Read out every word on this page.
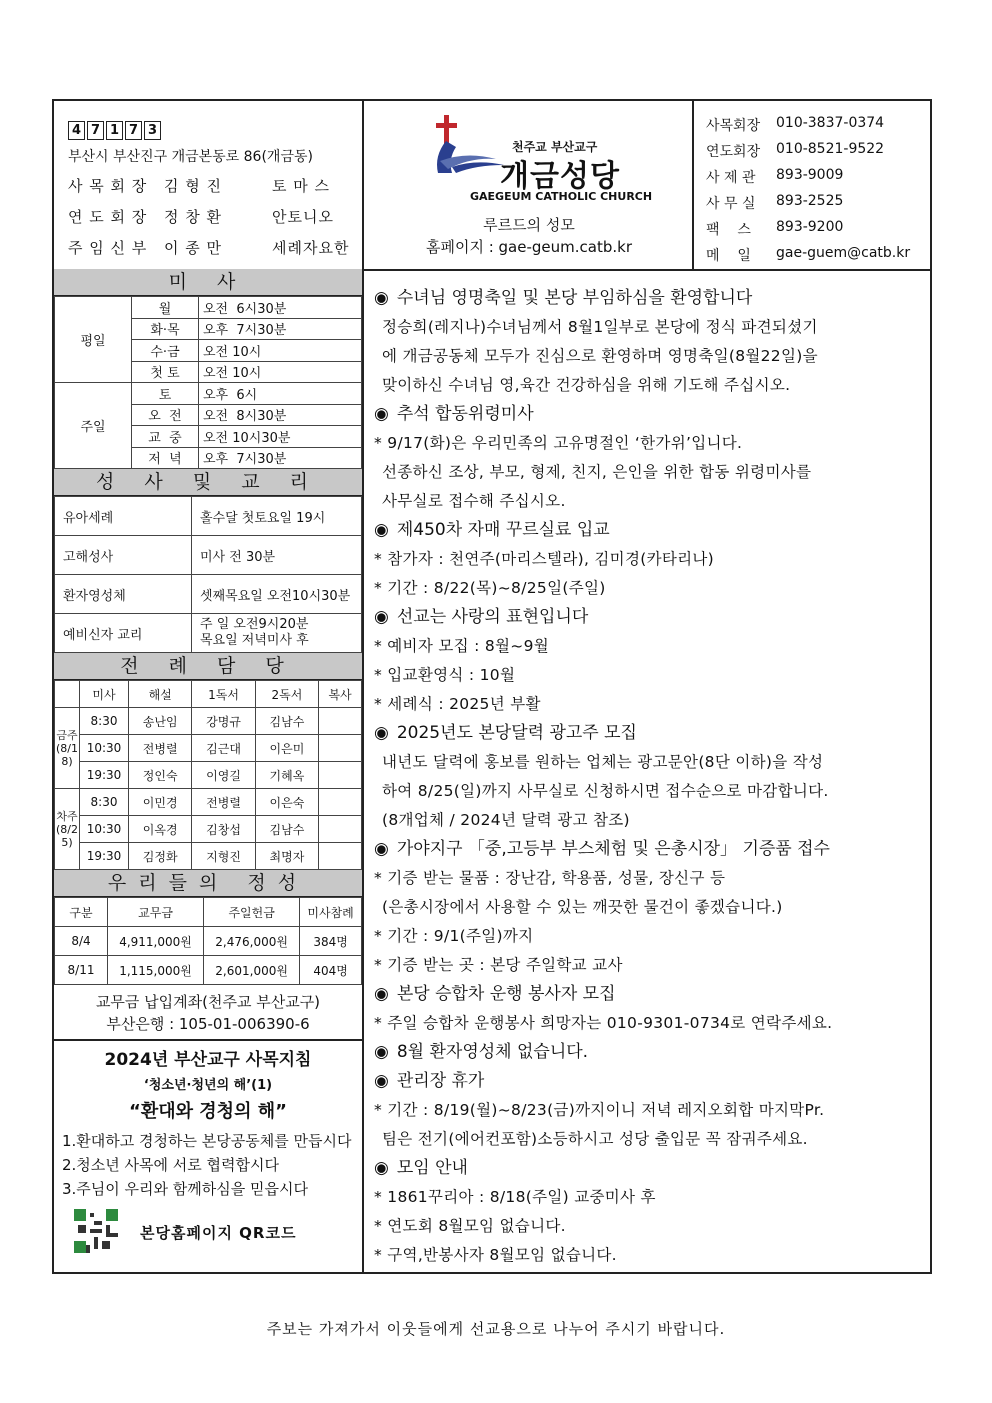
4 7 1 7 3
부산시 부산진구 개금본동로 86(개금동)
사 목 회 장	김 형 진	토 마 스
연 도 회 장	정 창 환	안토니오
주 임 신 부	이 종 만	세례자요한
천주교 부산교구
개금성당
GAEGEUM CATHOLIC CHURCH
루르드의 성모
홈페이지 : gae-geum.catb.kr
사목회장	010-3837-0374
연도회장	010-8521-9522
사 제 관	893-9009
사 무 실	893-2525
팩    스	893-9200
메    일	gae-guem@catb.kr
미 사
평일	월	오전  6시30분
	화·목	오후  7시30분
	수·금	오전 10시
	첫 토	오전 10시
주일	토	오후  6시
	오  전	오전  8시30분
	교  중	오전 10시30분
	저  녁	오후  7시30분
성 사 및 교 리
유아세례	홀수달 첫토요일 19시
고해성사	미사 전 30분
환자영성체	셋째목요일 오전10시30분
예비신자 교리	주 일 오전9시20분
목요일 저녁미사 후
전 례 담 당
	미사	해설	1독서	2독서	복사
금주(8/18)	8:30	송난임	강명규	김남수	
	10:30	전병렬	김근대	이은미	
	19:30	정인숙	이영길	기혜옥	
차주(8/25)	8:30	이민경	전병렬	이은숙	
	10:30	이옥경	김창섭	김남수	
	19:30	김정화	지형진	최명자	
우리들의 정성
구분	교무금	주일헌금	미사참례
8/4	4,911,000원	2,476,000원	384명
8/11	1,115,000원	2,601,000원	404명
교무금 납입계좌(천주교 부산교구)
부산은행 : 105-01-006390-6
2024년 부산교구 사목지침
‘청소년·청년의 해’(1)
“환대와 경청의 해”
1.환대하고 경청하는 본당공동체를 만듭시다
2.청소년 사목에 서로 협력합시다
3.주님이 우리와 함께하심을 믿읍시다
본당홈페이지 QR코드
◉ 수녀님 영명축일 및 본당 부임하심을 환영합니다
정승희(레지나)수녀님께서 8월1일부로 본당에 정식 파견되셨기
에 개금공동체 모두가 진심으로 환영하며 영명축일(8월22일)을
맞이하신 수녀님 영,육간 건강하심을 위해 기도해 주십시오.
◉ 추석 합동위령미사
* 9/17(화)은 우리민족의 고유명절인 ‘한가위’입니다.
선종하신 조상, 부모, 형제, 친지, 은인을 위한 합동 위령미사를
사무실로 접수해 주십시오.
◉ 제450차 자매 꾸르실료 입교
* 참가자 : 천연주(마리스텔라), 김미경(카타리나)
* 기간 : 8/22(목)~8/25일(주일)
◉ 선교는 사랑의 표현입니다
* 예비자 모집 : 8월~9월
* 입교환영식 : 10월
* 세례식 : 2025년 부활
◉ 2025년도 본당달력 광고주 모집
내년도 달력에 홍보를 원하는 업체는 광고문안(8단 이하)을 작성
하여 8/25(일)까지 사무실로 신청하시면 접수순으로 마감합니다.
(8개업체 / 2024년 달력 광고 참조)
◉ 가야지구 「중,고등부 부스체험 및 은총시장」 기증품 접수
* 기증 받는 물품 : 장난감, 학용품, 성물, 장신구 등
(은총시장에서 사용할 수 있는 깨끗한 물건이 좋겠습니다.)
* 기간 : 9/1(주일)까지
* 기증 받는 곳 : 본당 주일학교 교사
◉ 본당 승합차 운행 봉사자 모집
* 주일 승합차 운행봉사 희망자는 010-9301-0734로 연락주세요.
◉ 8월 환자영성체 없습니다.
◉ 관리장 휴가
* 기간 : 8/19(월)~8/23(금)까지이니 저녁 레지오회합 마지막Pr.
팀은 전기(에어컨포함)소등하시고 성당 출입문 꼭 잠궈주세요.
◉ 모임 안내
* 1861꾸리아 : 8/18(주일) 교중미사 후
* 연도회 8월모임 없습니다.
* 구역,반봉사자 8월모임 없습니다.
주보는 가져가서 이웃들에게 선교용으로 나누어 주시기 바랍니다.
